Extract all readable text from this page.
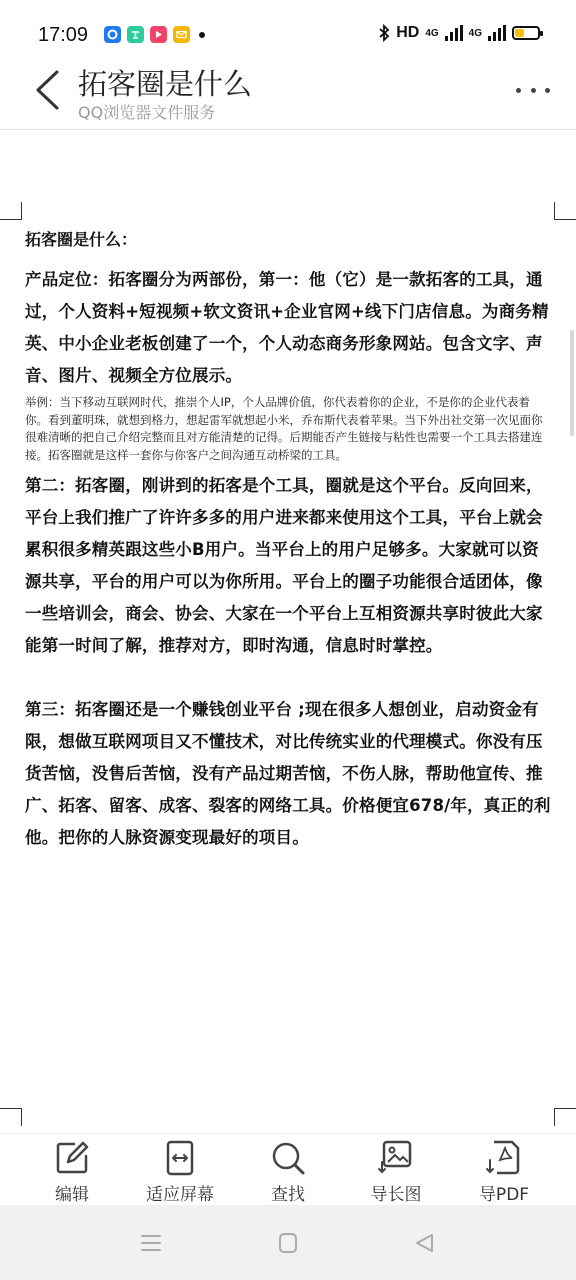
17:09	HD 4G	4G
拓客圈是什么
QQ浏览器文件服务
拓客圈是什么：
产品定位：拓客圈分为两部份，第一：他（它）是一款拓客的工具，通过，个人资料+短视频+软文资讯+企业官网+线下门店信息。为商务精英、中小企业老板创建了一个，个人动态商务形象网站。包含文字、声音、图片、视频全方位展示。
举例：当下移动互联网时代，推崇个人IP，个人品牌价值，你代表着你的企业，不是你的企业代表着你。看到董明珠，就想到格力，想起雷军就想起小米，乔布斯代表着苹果。当下外出社交第一次见面你很难清晰的把自己介绍完整而且对方能清楚的记得。后期能否产生链接与粘性也需要一个工具去搭建连接。拓客圈就是这样一套你与你客户之间沟通互动桥梁的工具。
第二：拓客圈，刚讲到的拓客是个工具，圈就是这个平台。反向回来，平台上我们推广了许许多多的用户进来都来使用这个工具，平台上就会累积很多精英跟这些小B用户。当平台上的用户足够多。大家就可以资源共享，平台的用户可以为你所用。平台上的圈子功能很合适团体，像一些培训会，商会、协会、大家在一个平台上互相资源共享时彼此大家能第一时间了解，推荐对方，即时沟通，信息时时掌控。
第三：拓客圈还是一个赚钱创业平台 ;现在很多人想创业，启动资金有限，想做互联网项目又不懂技术，对比传统实业的代理模式。你没有压货苦恼，没售后苦恼，没有产品过期苦恼，不伤人脉，帮助他宣传、推广、拓客、留客、成客、裂客的网络工具。价格便宜678/年，真正的利他。把你的人脉资源变现最好的项目。
编辑	适应屏幕	查找	导长图	导PDF
